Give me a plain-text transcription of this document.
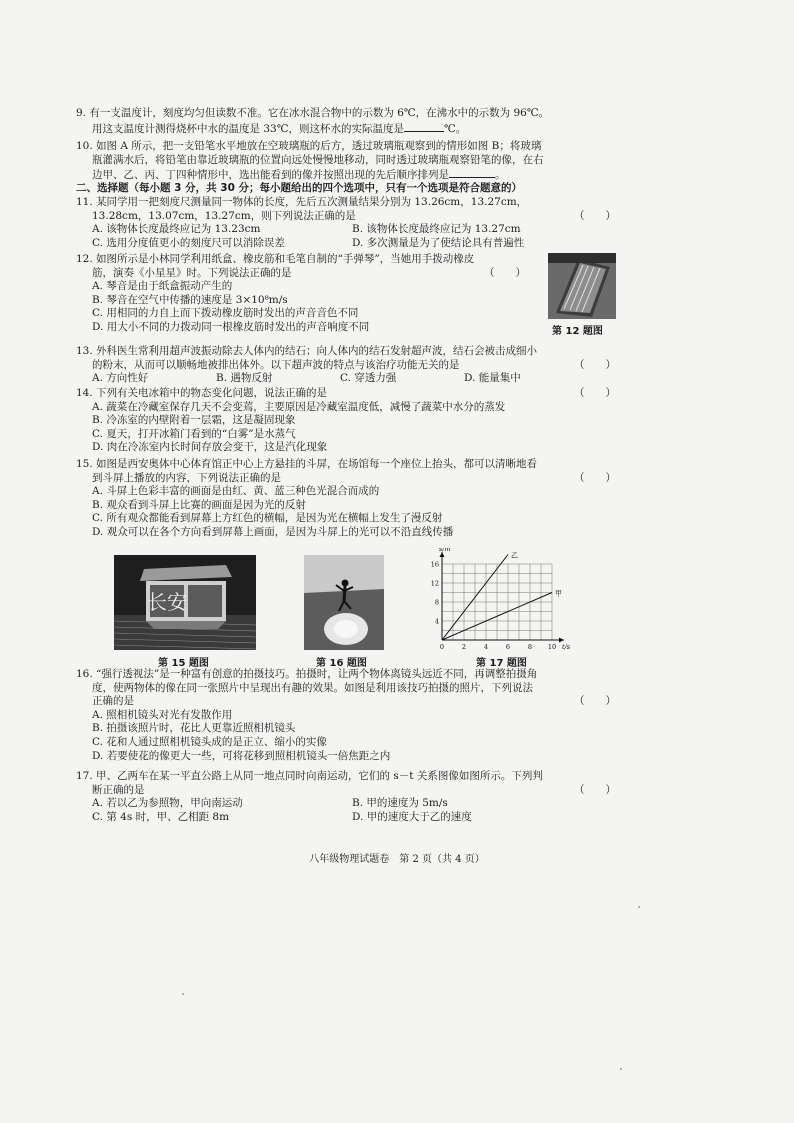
9. 有一支温度计，刻度均匀但读数不准。它在冰水混合物中的示数为 6℃，在沸水中的示数为 96℃。
用这支温度计测得烧杯中水的温度是 33℃，则这杯水的实际温度是	℃。
10. 如图 A 所示，把一支铅笔水平地放在空玻璃瓶的后方，透过玻璃瓶观察到的情形如图 B；将玻璃
瓶灌满水后，将铅笔由靠近玻璃瓶的位置向远处慢慢地移动，同时透过玻璃瓶观察铅笔的像，在右
边甲、乙、丙、丁四种情形中，选出能看到的像并按照出现的先后顺序排列是	。
二、选择题（每小题 3 分，共 30 分；每小题给出的四个选项中，只有一个选项是符合题意的）
11. 某同学用一把刻度尺测量同一物体的长度，先后五次测量结果分别为 13.26cm，13.27cm，
13.28cm，13.07cm，13.27cm，则下列说法正确的是	（　　）
A. 该物体长度最终应记为 13.23cm	B. 该物体长度最终应记为 13.27cm
C. 选用分度值更小的刻度尺可以消除误差	D. 多次测量是为了使结论具有普遍性
12. 如图所示是小林同学利用纸盒、橡皮筋和毛笔自制的“手弹琴”，当她用手拨动橡皮
筋，演奏《小星星》时。下列说法正确的是	（　　）
A. 琴音是由于纸盒振动产生的
B. 琴音在空气中传播的速度是 3×10⁸m/s
C. 用相同的力自上而下拨动橡皮筋时发出的声音音色不同
D. 用大小不同的力拨动同一根橡皮筋时发出的声音响度不同	第 12 题图
13. 外科医生常利用超声波振动除去人体内的结石；向人体内的结石发射超声波，结石会被击成细小
的粉末，从而可以顺畅地被排出体外。以下超声波的特点与该治疗功能无关的是	（　　）
A. 方向性好	B. 遇物反射	C. 穿透力强	D. 能量集中
14. 下列有关电冰箱中的物态变化问题，说法正确的是	（　　）
A. 蔬菜在冷藏室保存几天不会变蔫，主要原因是冷藏室温度低，减慢了蔬菜中水分的蒸发
B. 冷冻室的内壁附着一层霜，这是凝固现象
C. 夏天，打开冰箱门看到的“白雾”是水蒸气
D. 肉在冷冻室内长时间存放会变干，这是汽化现象
15. 如图是西安奥体中心体育馆正中心上方悬挂的斗屏，在场馆每一个座位上抬头，都可以清晰地看
到斗屏上播放的内容，下列说法正确的是	（　　）
A. 斗屏上色彩丰富的画面是由红、黄、蓝三种色光混合而成的
B. 观众看到斗屏上比赛的画面是因为光的反射
C. 所有观众都能看到屏幕上方红色的横幅，是因为光在横幅上发生了漫反射
D. 观众可以在各个方向看到屏幕上画面，是因为斗屏上的光可以不沿直线传播
长安
第 15 题图	第 16 题图
t/s
s/m
0	2	4	6	8 10
4
8
12
16
乙
甲
第 17 题图
16. “强行透视法”是一种富有创意的拍摄技巧。拍摄时，让两个物体离镜头远近不同，再调整拍摄角
度，使两物体的像在同一张照片中呈现出有趣的效果。如图是利用该技巧拍摄的照片，下列说法
正确的是	（　　）
A. 照相机镜头对光有发散作用
B. 拍摄该照片时，花比人更靠近照相机镜头
C. 花和人通过照相机镜头成的是正立、缩小的实像
D. 若要使花的像更大一些，可将花移到照相机镜头一倍焦距之内
17. 甲、乙两车在某一平直公路上从同一地点同时向南运动，它们的 s－t 关系图像如图所示。下列判
断正确的是	（　　）
A. 若以乙为参照物，甲向南运动	B. 甲的速度为 5m/s
C. 第 4s 时，甲、乙相距 8m	D. 甲的速度大于乙的速度
八年级物理试题卷　第 2 页（共 4 页）
